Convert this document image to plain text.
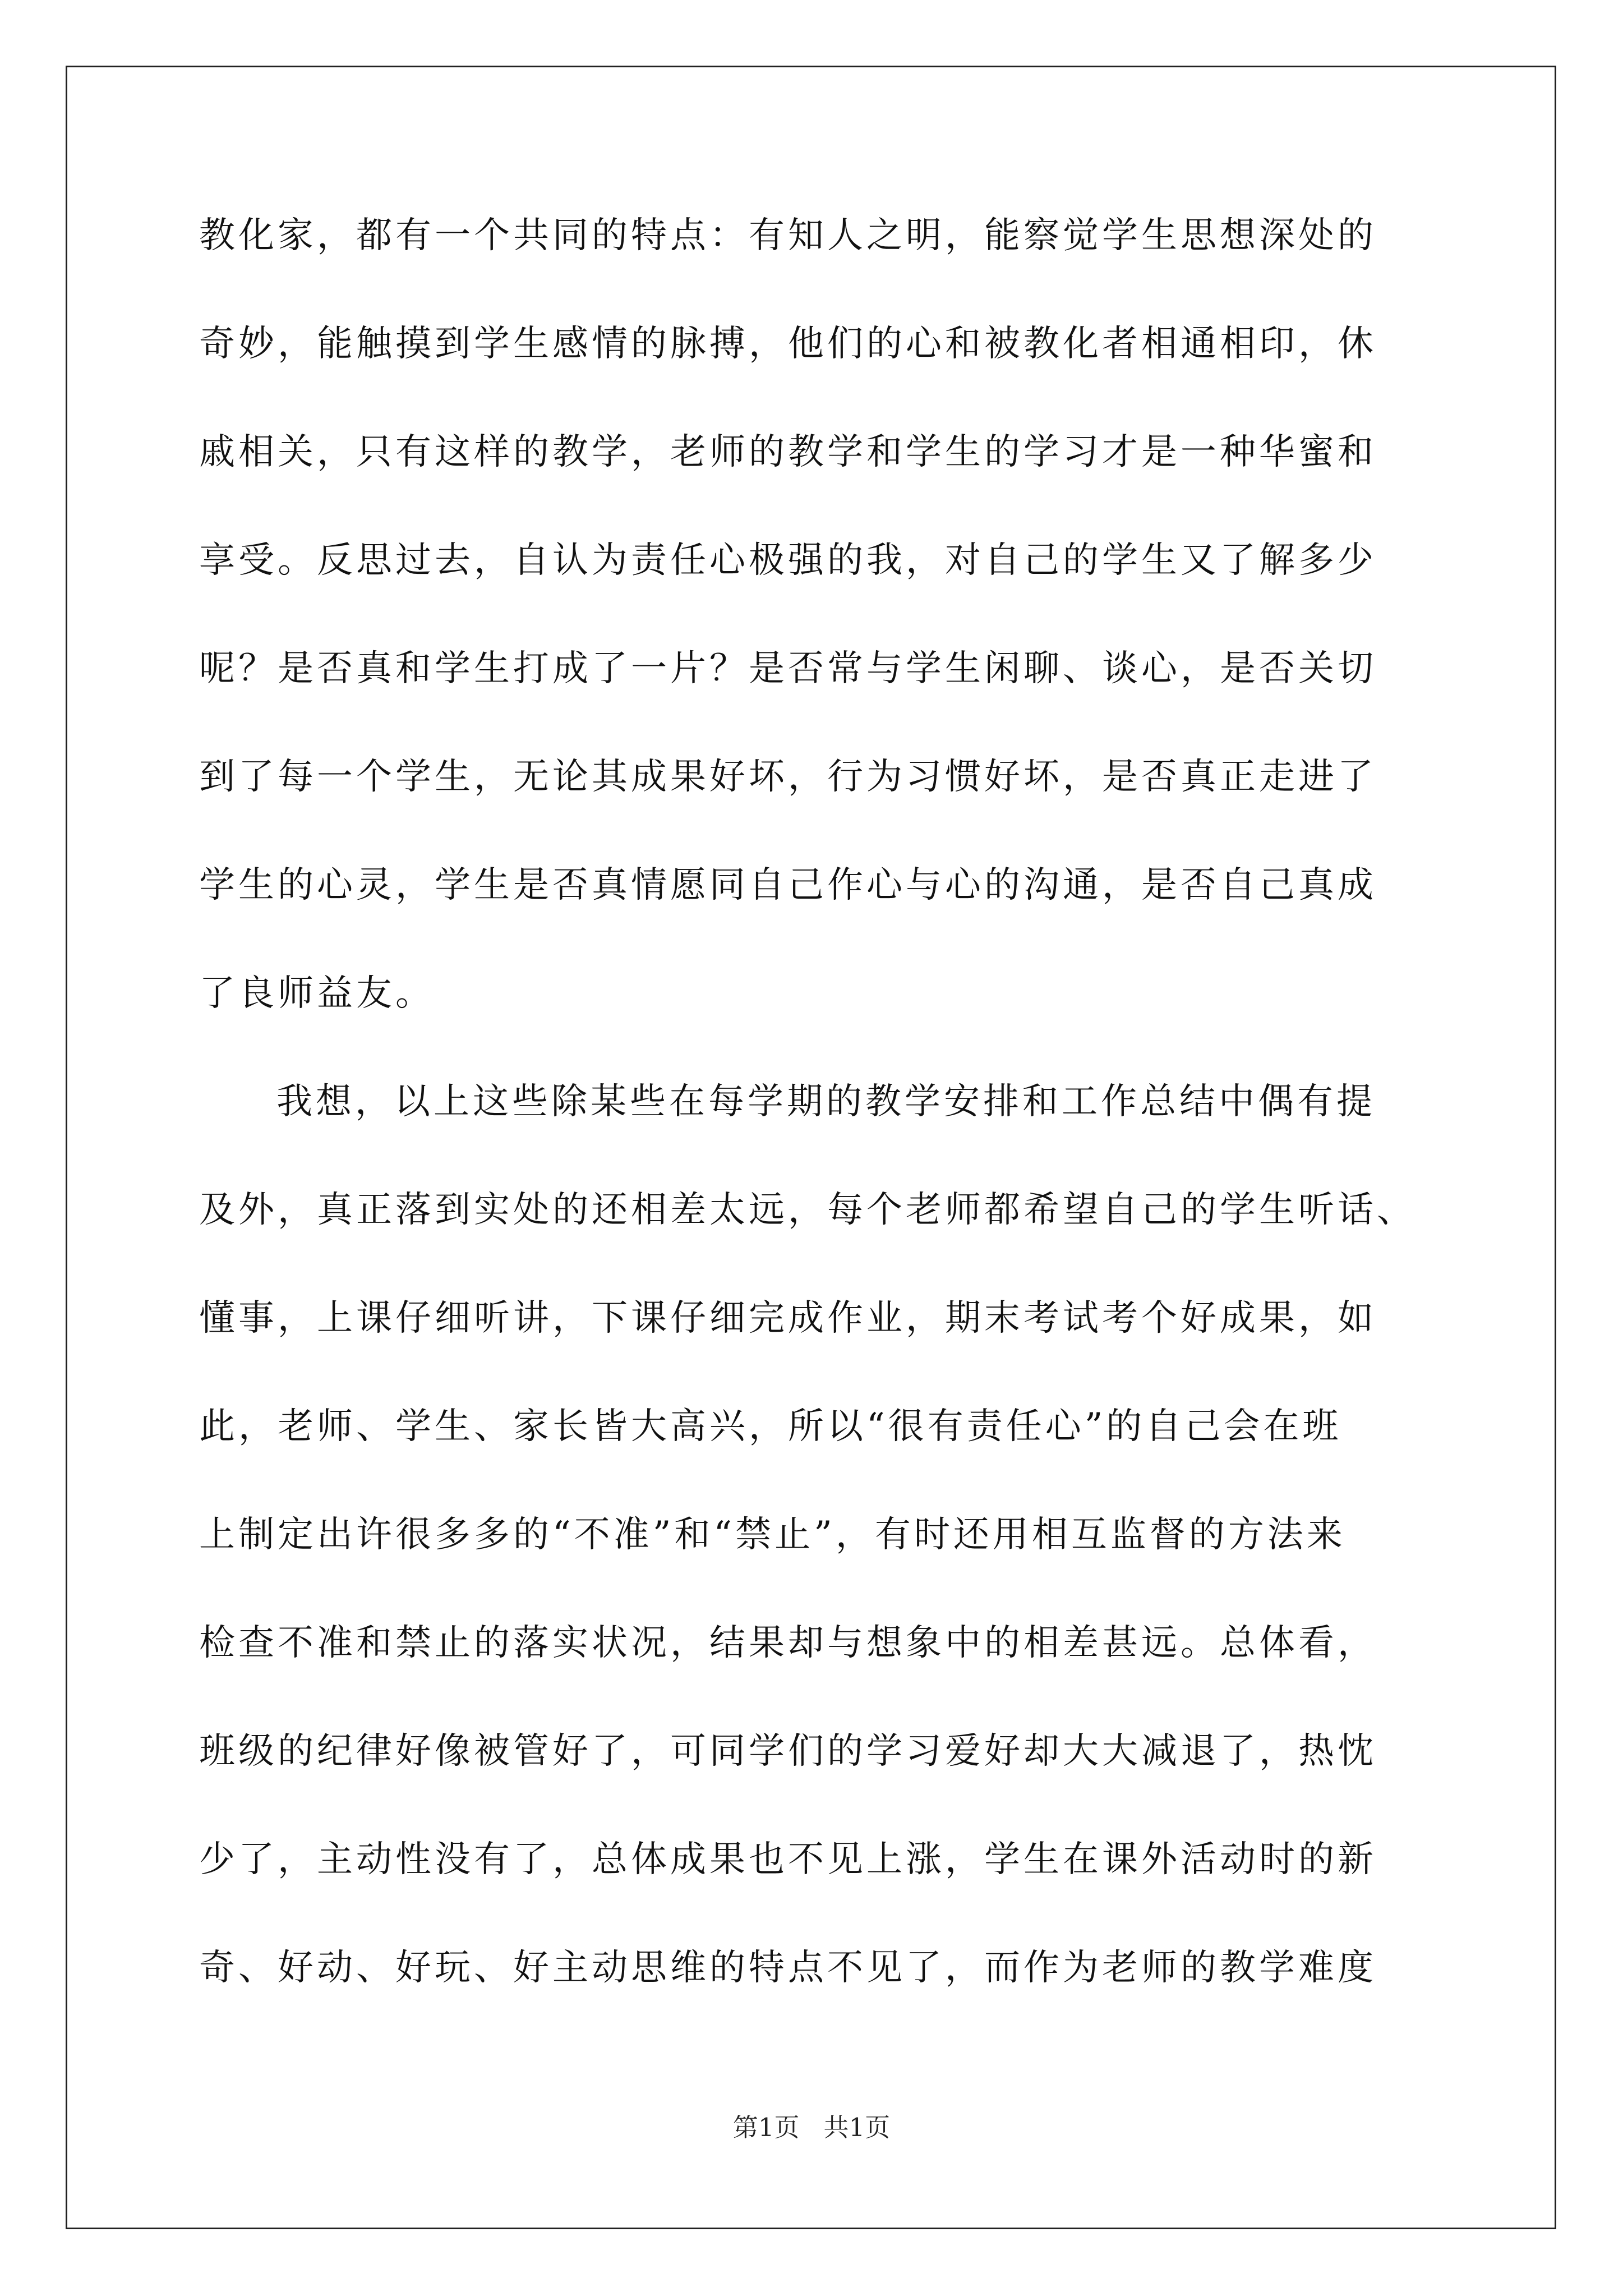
教化家，都有一个共同的特点：有知人之明，能察觉学生思想深处的
奇妙，能触摸到学生感情的脉搏，他们的心和被教化者相通相印，休
戚相关，只有这样的教学，老师的教学和学生的学习才是一种华蜜和
享受。反思过去，自认为责任心极强的我，对自己的学生又了解多少
呢？是否真和学生打成了一片？是否常与学生闲聊、谈心，是否关切
到了每一个学生，无论其成果好坏，行为习惯好坏，是否真正走进了
学生的心灵，学生是否真情愿同自己作心与心的沟通，是否自己真成
了良师益友。
我想，以上这些除某些在每学期的教学安排和工作总结中偶有提
及外，真正落到实处的还相差太远，每个老师都希望自己的学生听话、
懂事，上课仔细听讲，下课仔细完成作业，期末考试考个好成果，如
此，老师、学生、家长皆大高兴，所以“很有责任心”的自己会在班
上制定出许很多多的“不准”和“禁止”，有时还用相互监督的方法来
检查不准和禁止的落实状况，结果却与想象中的相差甚远。总体看，
班级的纪律好像被管好了，可同学们的学习爱好却大大减退了，热忱
少了，主动性没有了，总体成果也不见上涨，学生在课外活动时的新
奇、好动、好玩、好主动思维的特点不见了，而作为老师的教学难度
第1页   共1页
